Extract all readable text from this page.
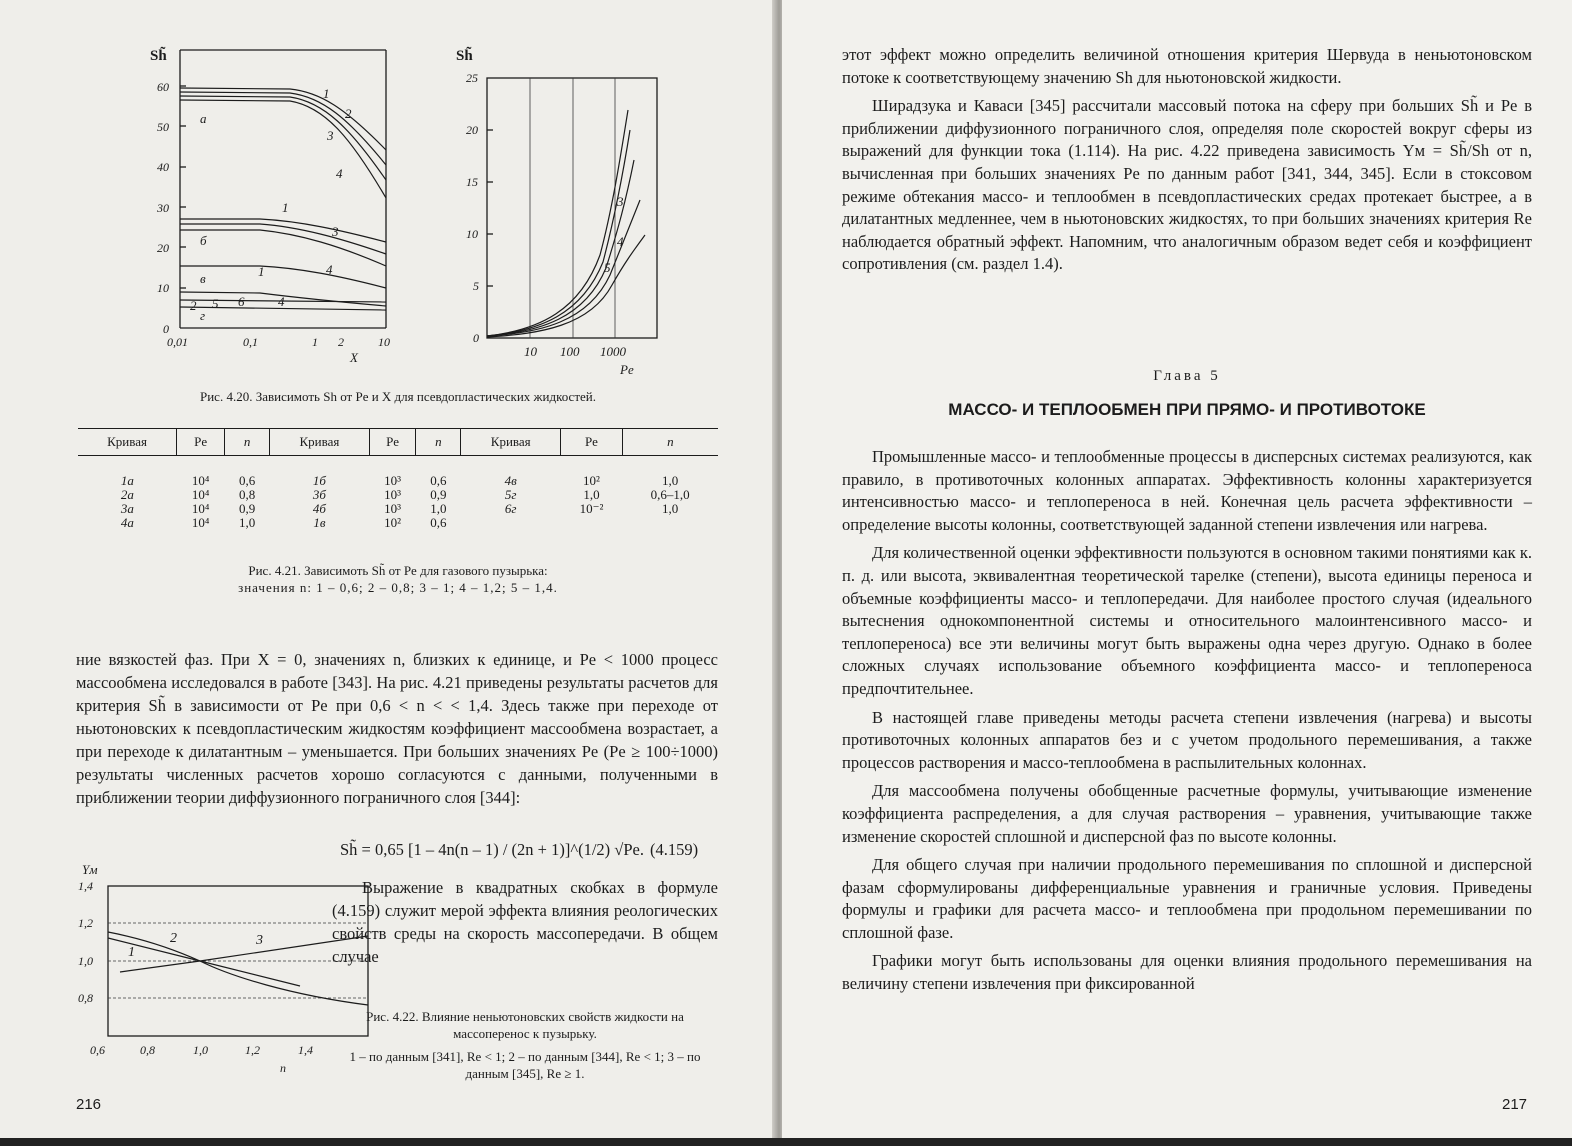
Sh̃
0
10
20
30
40
50
60
0,01	0,1	1 2	10
X
а
б
в
г
1
2
3
4
1
3
4
1
2 5 6	4
Sh̃
0
5
10
15
20
25
10 100 1000
Pe
3
4
5
Рис. 4.20. Зависимоть Sh от Pe и X для псевдопластических жидкостей.
Кривая	Pe	n	Кривая	Pe	n	Кривая	Pe	n

1а	10⁴	0,6	1б	10³	0,6	4в	10²	1,0
2а	10⁴	0,8	3б	10³	0,9	5г	1,0	0,6–1,0
3а	10⁴	0,9	4б	10³	1,0	6г	10⁻²	1,0
4а	10⁴	1,0	1в	10²	0,6			
Рис. 4.21. Зависимоть Sh̃ от Pe для газового пузырька:
значения n: 1 – 0,6; 2 – 0,8; 3 – 1; 4 – 1,2; 5 – 1,4.

ние вязкостей фаз. При X = 0, значениях n, близких к единице, и Pe < 1000 процесс массообмена исследовался в работе [343]. На рис. 4.21 приведены результаты расчетов для критерия Sh̃ в зависимости от Pe при 0,6 < n < < 1,4. Здесь также при переходе от ньютоновских к псевдопластическим жидкостям коэффициент массообмена возрастает, а при переходе к дилатантным – уменьшается. При больших значениях Pe (Pe ≥ 100÷1000) результаты численных расчетов хорошо согласуются с данными, полученными в приближении теории диффузионного пограничного слоя [344]:

Sh̃ = 0,65 [1 – 4n(n – 1) / (2n + 1)]^(1/2) √Pe. (4.159)

Выражение в квадратных скобках в формуле (4.159) служит мерой эффекта влияния реологических свойств среды на скорость массопередачи. В общем случае

Yм
0,8
1,0
1,2
1,4
0,6	0,8	1,0	1,2	1,4
n
1
2	3
Рис. 4.22. Влияние неньютоновских свойств жидкости на массоперенос к пузырьку.
1 – по данным [341], Re < 1; 2 – по данным [344], Re < 1; 3 – по данным [345], Re ≥ 1.
216

этот эффект можно определить величиной отношения критерия Шервуда в неньютоновском потоке к соответствующему значению Sh для ньютоновской жидкости.

Ширадзука и Каваси [345] рассчитали массовый потока на сферу при больших Sh̃ и Pe в приближении диффузионного пограничного слоя, определяя поле скоростей вокруг сферы из выражений для функции тока (1.114). На рис. 4.22 приведена зависимость Yм = Sh̃/Sh от n, вычисленная при больших значениях Pe по данным работ [341, 344, 345]. Если в стоксовом режиме обтекания массо- и теплообмен в псевдопластических средах протекает быстрее, а в дилатантных медленнее, чем в ньютоновских жидкостях, то при больших значениях критерия Re наблюдается обратный эффект. Напомним, что аналогичным образом ведет себя и коэффициент сопротивления (см. раздел 1.4).

Глава 5
МАССО- И ТЕПЛООБМЕН ПРИ ПРЯМО- И ПРОТИВОТОКЕ

Промышленные массо- и теплообменные процессы в дисперсных системах реализуются, как правило, в противоточных колонных аппаратах. Эффективность колонны характеризуется интенсивностью массо- и теплопереноса в ней. Конечная цель расчета эффективности – определение высоты колонны, соответствующей заданной степени извлечения или нагрева.

Для количественной оценки эффективности пользуются в основном такими понятиями как к. п. д. или высота, эквивалентная теоретической тарелке (степени), высота единицы переноса и объемные коэффициенты массо- и теплопередачи. Для наиболее простого случая (идеального вытеснения однокомпонентной системы и относительного малоинтенсивного массо- и теплопереноса) все эти величины могут быть выражены одна через другую. Однако в более сложных случаях использование объемного коэффициента массо- и теплопереноса предпочтительнее.

В настоящей главе приведены методы расчета степени извлечения (нагрева) и высоты противоточных колонных аппаратов без и с учетом продольного перемешивания, а также процессов растворения и массо-теплообмена в распылительных колоннах.

Для массообмена получены обобщенные расчетные формулы, учитывающие изменение коэффициента распределения, а для случая растворения – уравнения, учитывающие также изменение скоростей сплошной и дисперсной фаз по высоте колонны.

Для общего случая при наличии продольного перемешивания по сплошной и дисперсной фазам сформулированы дифференциальные уравнения и граничные условия. Приведены формулы и графики для расчета массо- и теплообмена при продольном перемешивании по сплошной фазе.

Графики могут быть использованы для оценки влияния продольного перемешивания на величину степени извлечения при фиксированной

217
